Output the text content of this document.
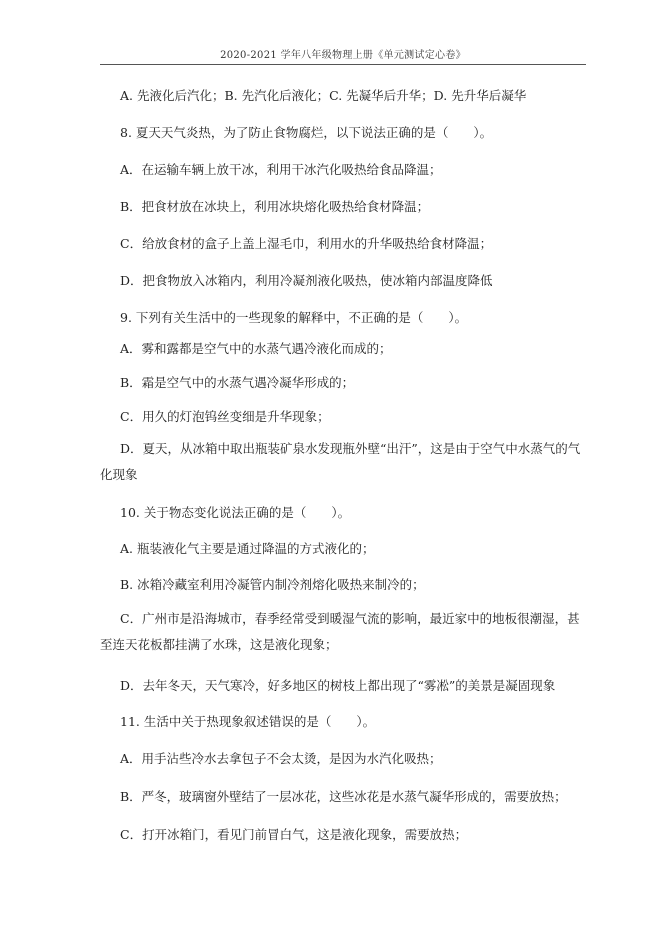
2020-2021 学年八年级物理上册《单元测试定心卷》
A. 先液化后汽化；B. 先汽化后液化；C. 先凝华后升华；D. 先升华后凝华
8. 夏天天气炎热，为了防止食物腐烂，以下说法正确的是（　　）。
A．在运输车辆上放干冰，利用干冰汽化吸热给食品降温；
B．把食材放在冰块上，利用冰块熔化吸热给食材降温；
C．给放食材的盒子上盖上湿毛巾，利用水的升华吸热给食材降温；
D．把食物放入冰箱内，利用冷凝剂液化吸热，使冰箱内部温度降低
9. 下列有关生活中的一些现象的解释中，不正确的是（　　）。
A．雾和露都是空气中的水蒸气遇冷液化而成的；
B．霜是空气中的水蒸气遇冷凝华形成的；
C．用久的灯泡钨丝变细是升华现象；
D．夏天，从冰箱中取出瓶装矿泉水发现瓶外壁“出汗”，这是由于空气中水蒸气的气化现象
10. 关于物态变化说法正确的是（　　）。
A. 瓶装液化气主要是通过降温的方式液化的；
B. 冰箱冷藏室利用冷凝管内制冷剂熔化吸热来制冷的；
C．广州市是沿海城市，春季经常受到暖湿气流的影响，最近家中的地板很潮湿，甚至连天花板都挂满了水珠，这是液化现象；
D．去年冬天，天气寒冷，好多地区的树枝上都出现了“雾凇”的美景是凝固现象
11. 生活中关于热现象叙述错误的是（　　）。
A．用手沾些冷水去拿包子不会太烫，是因为水汽化吸热；
B．严冬，玻璃窗外壁结了一层冰花，这些冰花是水蒸气凝华形成的，需要放热；
C．打开冰箱门，看见门前冒白气，这是液化现象，需要放热；
